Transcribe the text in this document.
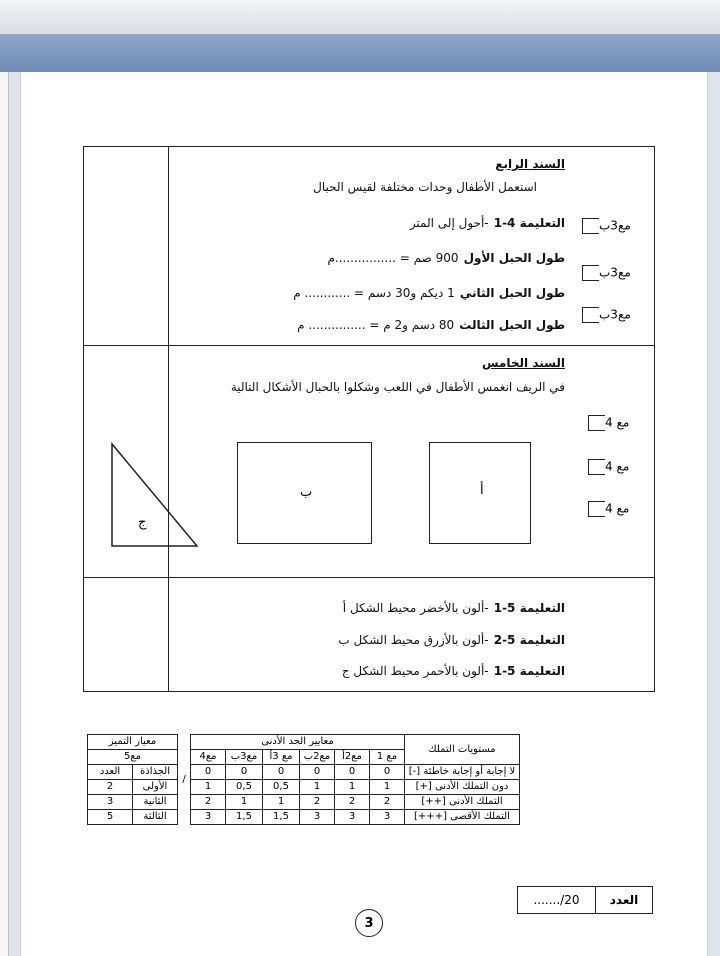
السند الرابع
استعمل الأطفال وحدات مختلفة لقيس الحبال
التعليمة 4-1 -أحول إلى المتر
طول الحبل الأول 900 صم = ................م
طول الحبل الثاني 1 ديكم و30 دسم = ............ م
طول الحبل الثالث 80 دسم و2 م = ............... م
مع3ب
مع3ب
مع3ب
السند الخامس
في الريف انغمس الأطفال في اللعب وشكلوا بالحبال الأشكال التالية
مع 4
مع 4
مع 4
أ
ب
ج
التعليمة 5-1 -ألون بالأخضر محيط الشكل أ
التعليمة 5-2 -ألون بالأزرق محيط الشكل ب
التعليمة 5-1 -ألون بالأحمر محيط الشكل ج
مستويات التملك	معايير الحد الأدنى						/	معيار التميز	
	مع 1	مع2أ	مع2ب	مع 3أ	مع3ب	مع4		مع5	
لا إجابة أو إجابة خاطئة [-]	0	0	0	0	0	0		الجذاذة	العدد
دون التملك الأدنى [+]	1	1	1	0,5	0,5	1		الأولى	2
التملك الأدنى [++]	2	2	2	1	1	2		الثانية	3
التملك الأقصى [+++]	3	3	3	1,5	1,5	3		الثالثة	5
العدد
20/.......
3
